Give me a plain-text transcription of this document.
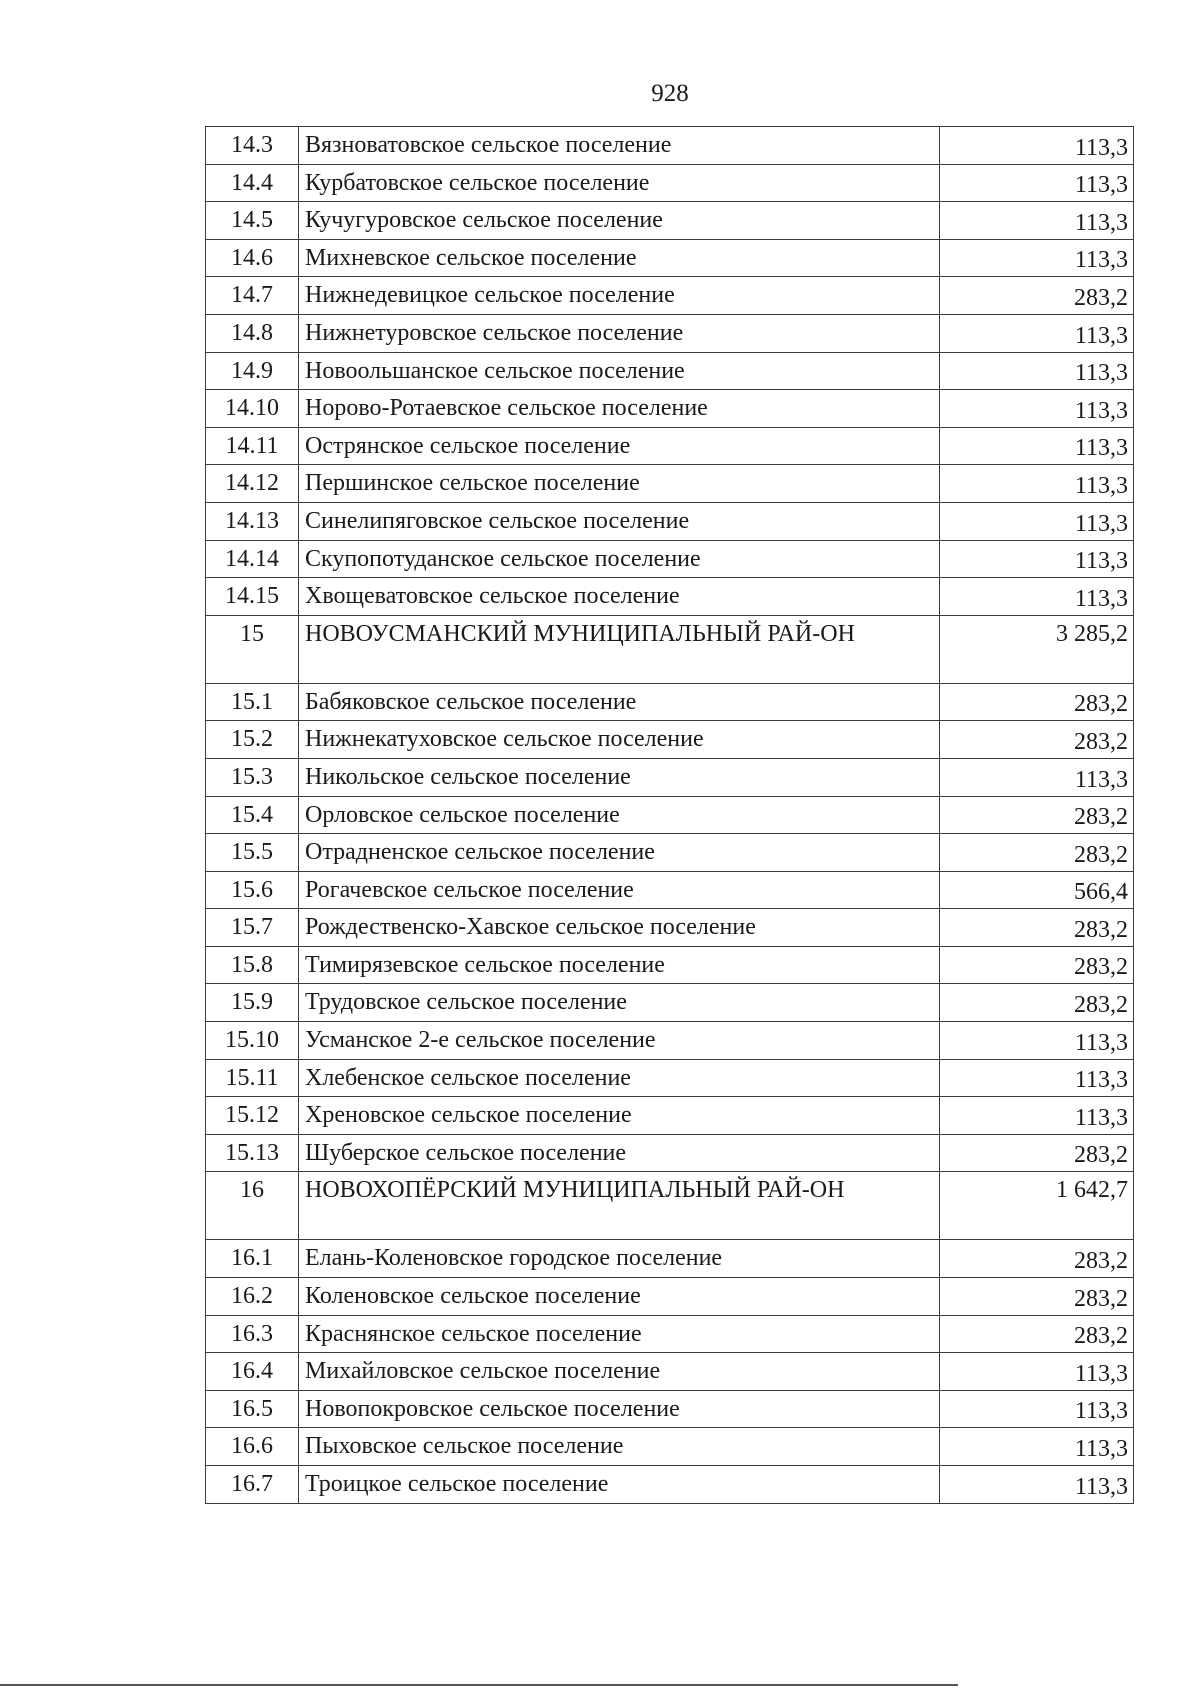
928
14.3	Вязноватовское сельское поселение	113,3
14.4	Курбатовское сельское поселение	113,3
14.5	Кучугуровское сельское поселение	113,3
14.6	Михневское сельское поселение	113,3
14.7	Нижнедевицкое сельское поселение	283,2
14.8	Нижнетуровское сельское поселение	113,3
14.9	Новоольшанское сельское поселение	113,3
14.10	Норово-Ротаевское сельское поселение	113,3
14.11	Острянское сельское поселение	113,3
14.12	Першинское сельское поселение	113,3
14.13	Синелипяговское сельское поселение	113,3
14.14	Скупопотуданское сельское поселение	113,3
14.15	Хвощеватовское сельское поселение	113,3
15	НОВОУСМАНСКИЙ МУНИЦИПАЛЬНЫЙ РАЙ-ОН	3 285,2
15.1	Бабяковское сельское поселение	283,2
15.2	Нижнекатуховское сельское поселение	283,2
15.3	Никольское сельское поселение	113,3
15.4	Орловское сельское поселение	283,2
15.5	Отрадненское сельское поселение	283,2
15.6	Рогачевское сельское поселение	566,4
15.7	Рождественско-Хавское сельское поселение	283,2
15.8	Тимирязевское сельское поселение	283,2
15.9	Трудовское сельское поселение	283,2
15.10	Усманское 2-е сельское поселение	113,3
15.11	Хлебенское сельское поселение	113,3
15.12	Хреновское сельское поселение	113,3
15.13	Шуберское сельское поселение	283,2
16	НОВОХОПЁРСКИЙ МУНИЦИПАЛЬНЫЙ РАЙ-ОН	1 642,7
16.1	Елань-Коленовское городское поселение	283,2
16.2	Коленовское сельское поселение	283,2
16.3	Краснянское сельское поселение	283,2
16.4	Михайловское сельское поселение	113,3
16.5	Новопокровское сельское поселение	113,3
16.6	Пыховское сельское поселение	113,3
16.7	Троицкое сельское поселение	113,3
